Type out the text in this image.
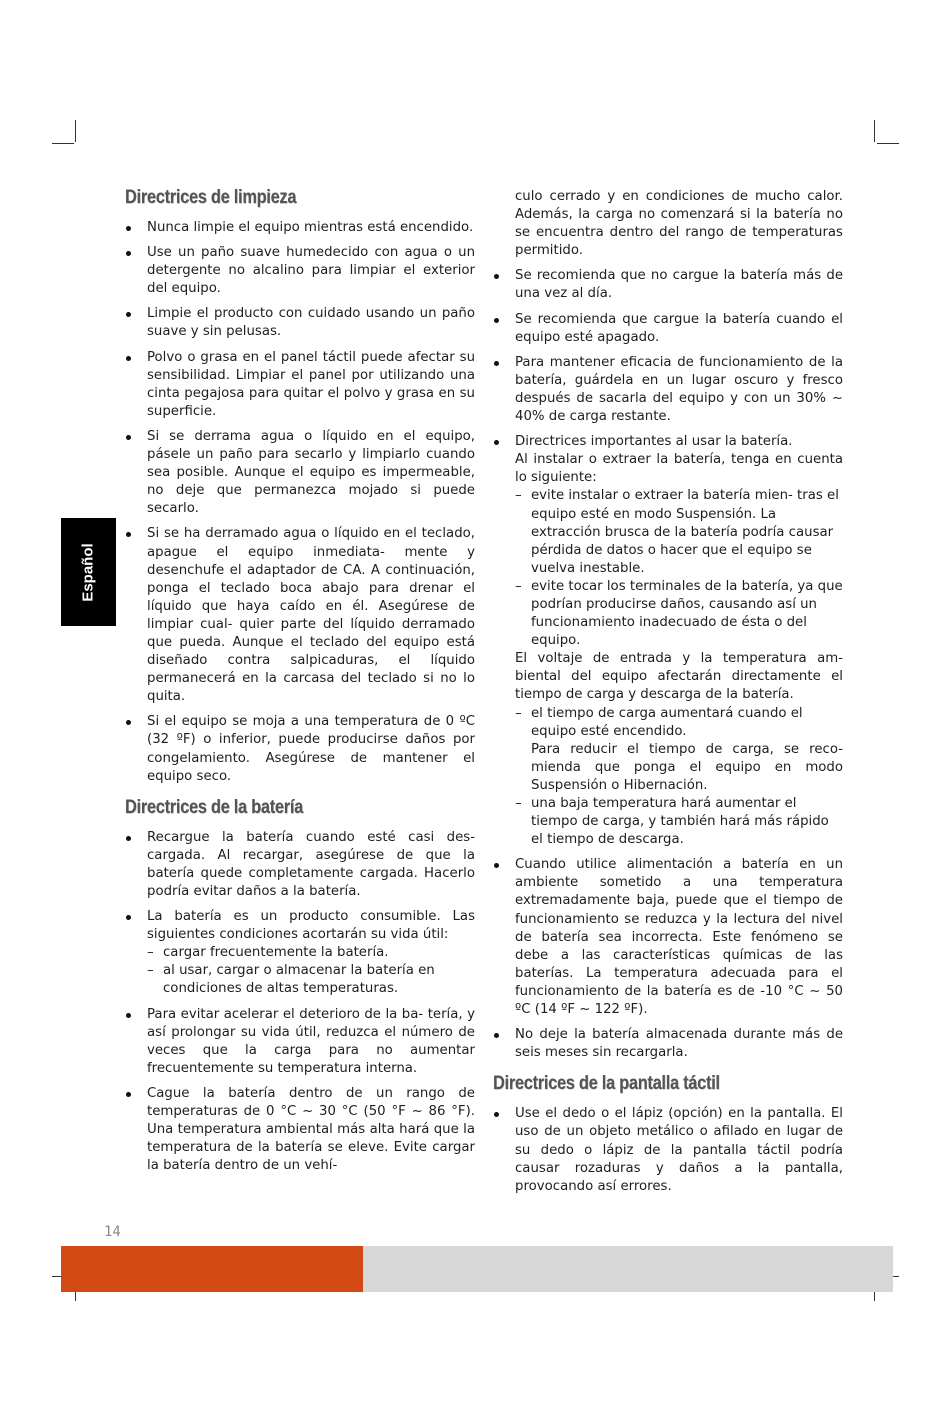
Español
Directrices de limpieza

Nunca limpie el equipo mientras está encendido.

Use un paño suave humedecido con agua o un detergente no alcalino para limpiar el exterior del equipo.

Limpie el producto con cuidado usando un paño suave y sin pelusas.

Polvo o grasa en el panel táctil puede afectar su sensibilidad. Limpiar el panel por utilizando una cinta pegajosa para quitar el polvo y grasa en su superficie.

Si se derrama agua o líquido en el equipo, pásele un paño para secarlo y limpiarlo cuando sea posible. Aunque el equipo es impermeable, no deje que permanezca mojado si puede secarlo.

Si se ha derramado agua o líquido en el teclado, apague el equipo inmediata- mente y desenchufe el adaptador de CA. A continuación, ponga el teclado boca abajo para drenar el líquido que haya caído en él. Asegúrese de limpiar cual- quier parte del líquido derramado que pueda. Aunque el teclado del equipo está diseñado contra salpicaduras, el líquido permanecerá en la carcasa del teclado si no lo quita.

Si el equipo se moja a una temperatura de 0 ºC (32 ºF) o inferior, puede producirse daños por congelamiento. Asegúrese de mantener el equipo seco.

Directrices de la batería

Recargue la batería cuando esté casi des- cargada. Al recargar, asegúrese de que la batería quede completamente cargada. Hacerlo podría evitar daños a la batería.

La batería es un producto consumible. Las siguientes condiciones acortarán su vida útil:

– cargar frecuentemente la batería.
– al usar, cargar o almacenar la batería en condiciones de altas temperaturas.

Para evitar acelerar el deterioro de la ba- tería, y así prolongar su vida útil, reduzca el número de veces que la carga para no aumentar frecuentemente su temperatura interna.

Cague la batería dentro de un rango de temperaturas de 0 °C ~ 30 °C (50 °F ~ 86 °F). Una temperatura ambiental más alta hará que la temperatura de la batería se eleve. Evite cargar la batería dentro de un vehí-

culo cerrado y en condiciones de mucho calor. Además, la carga no comenzará si la batería no se encuentra dentro del rango de temperaturas permitido.

Se recomienda que no cargue la batería más de una vez al día.

Se recomienda que cargue la batería cuando el equipo esté apagado.

Para mantener eficacia de funcionamiento de la batería, guárdela en un lugar oscuro y fresco después de sacarla del equipo y con un 30% ~ 40% de carga restante.

Directrices importantes al usar la batería.

Al instalar o extraer la batería, tenga en cuenta lo siguiente:

– evite instalar o extraer la batería mien- tras el equipo esté en modo Suspensión. La extracción brusca de la batería podría causar pérdida de datos o hacer que el equipo se vuelva inestable.
– evite tocar los terminales de la batería, ya que podrían producirse daños, causando así un funcionamiento inadecuado de ésta o del equipo.

El voltaje de entrada y la temperatura am- biental del equipo afectarán directamente el tiempo de carga y descarga de la batería.

– el tiempo de carga aumentará cuando el equipo esté encendido.

Para reducir el tiempo de carga, se reco- mienda que ponga el equipo en modo Suspensión o Hibernación.

– una baja temperatura hará aumentar el tiempo de carga, y también hará más rápido el tiempo de descarga.

Cuando utilice alimentación a batería en un ambiente sometido a una temperatura extremadamente baja, puede que el tiempo de funcionamiento se reduzca y la lectura del nivel de batería sea incorrecta. Este fenómeno se debe a las características químicas de las baterías. La temperatura adecuada para el funcionamiento de la batería es de -10 °C ~ 50 ºC (14 ºF ~ 122 ºF).

No deje la batería almacenada durante más de seis meses sin recargarla.

Directrices de la pantalla táctil

Use el dedo o el lápiz (opción) en la pantalla. El uso de un objeto metálico o afilado en lugar de su dedo o lápiz de la pantalla táctil podría causar rozaduras y daños a la pantalla, provocando así errores.

14
